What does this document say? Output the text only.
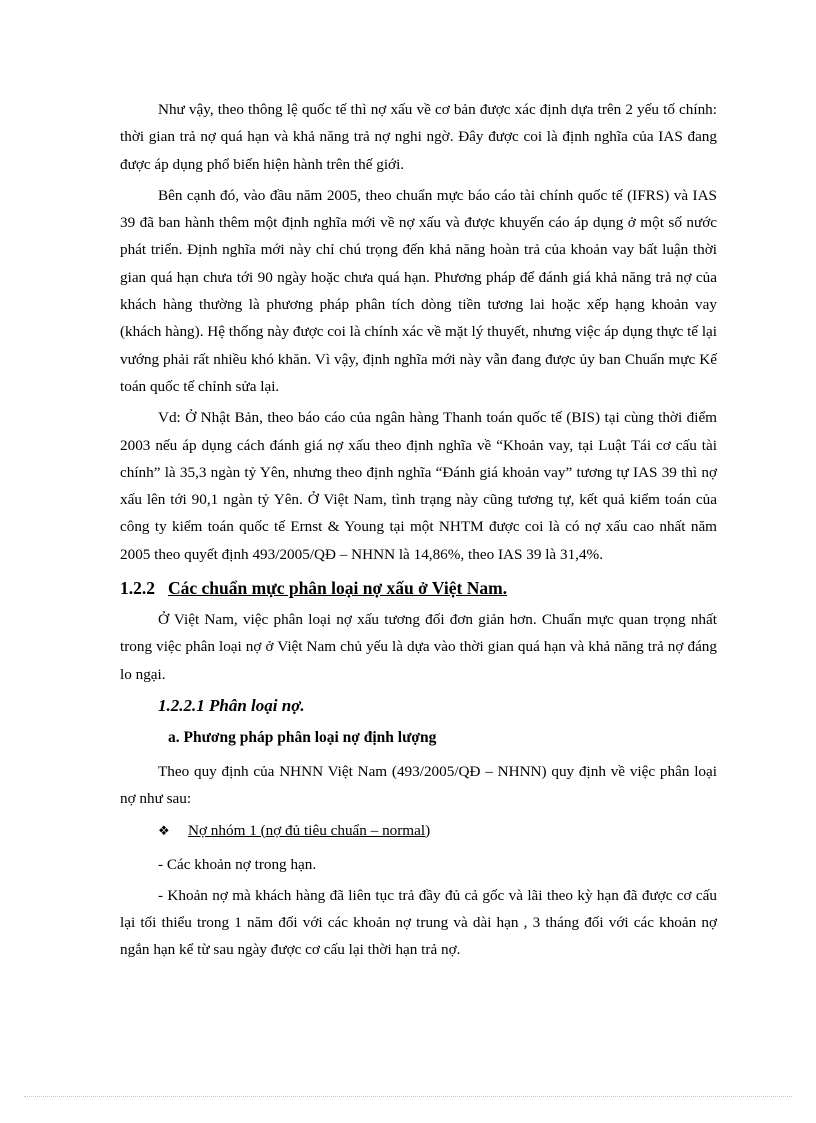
Như vậy, theo thông lệ quốc tế thì nợ xấu về cơ bản được xác định dựa trên 2 yếu tố chính: thời gian trả nợ quá hạn và khả năng trả nợ nghi ngờ. Đây được coi là định nghĩa của IAS đang được áp dụng phổ biến hiện hành trên thế giới.

Bên cạnh đó, vào đầu năm 2005, theo chuẩn mực báo cáo tài chính quốc tế (IFRS) và IAS 39 đã ban hành thêm một định nghĩa mới về nợ xấu và được khuyến cáo áp dụng ở một số nước phát triển. Định nghĩa mới này chỉ chú trọng đến khả năng hoàn trả của khoản vay bất luận thời gian quá hạn chưa tới 90 ngày hoặc chưa quá hạn. Phương pháp để đánh giá khả năng trả nợ của khách hàng thường là phương pháp phân tích dòng tiền tương lai hoặc xếp hạng khoản vay (khách hàng). Hệ thống này được coi là chính xác về mặt lý thuyết, nhưng việc áp dụng thực tế lại vướng phải rất nhiều khó khăn. Vì vậy, định nghĩa mới này vẫn đang được ủy ban Chuẩn mực Kế toán quốc tế chỉnh sửa lại.

Vd: Ở Nhật Bản, theo báo cáo của ngân hàng Thanh toán quốc tế (BIS) tại cùng thời điểm 2003 nếu áp dụng cách đánh giá nợ xấu theo định nghĩa về “Khoản vay, tại Luật Tái cơ cấu tài chính” là 35,3 ngàn tỷ Yên, nhưng theo định nghĩa “Đánh giá khoản vay” tương tự IAS 39 thì nợ xấu lên tới 90,1 ngàn tỷ Yên. Ở Việt Nam, tình trạng này cũng tương tự, kết quả kiểm toán của công ty kiểm toán quốc tế Ernst & Young tại một NHTM được coi là có nợ xấu cao nhất năm 2005 theo quyết định 493/2005/QĐ – NHNN là 14,86%, theo IAS 39 là 31,4%.

1.2.2 Các chuẩn mực phân loại nợ xấu ở Việt Nam.

Ở Việt Nam, việc phân loại nợ xấu tương đối đơn giản hơn. Chuẩn mực quan trọng nhất trong việc phân loại nợ ở Việt Nam chủ yếu là dựa vào thời gian quá hạn và khả năng trả nợ đáng lo ngại.

1.2.2.1 Phân loại nợ.
a. Phương pháp phân loại nợ định lượng

Theo quy định của NHNN Việt Nam (493/2005/QĐ – NHNN) quy định về việc phân loại nợ như sau:

❖ Nợ nhóm 1 (nợ đủ tiêu chuẩn – normal)

- Các khoản nợ trong hạn.

- Khoản nợ mà khách hàng đã liên tục trả đầy đủ cả gốc và lãi theo kỳ hạn đã được cơ cấu lại tối thiểu trong 1 năm đối với các khoản nợ trung và dài hạn , 3 tháng đối với các khoản nợ ngắn hạn kể từ sau ngày được cơ cấu lại thời hạn trả nợ.
